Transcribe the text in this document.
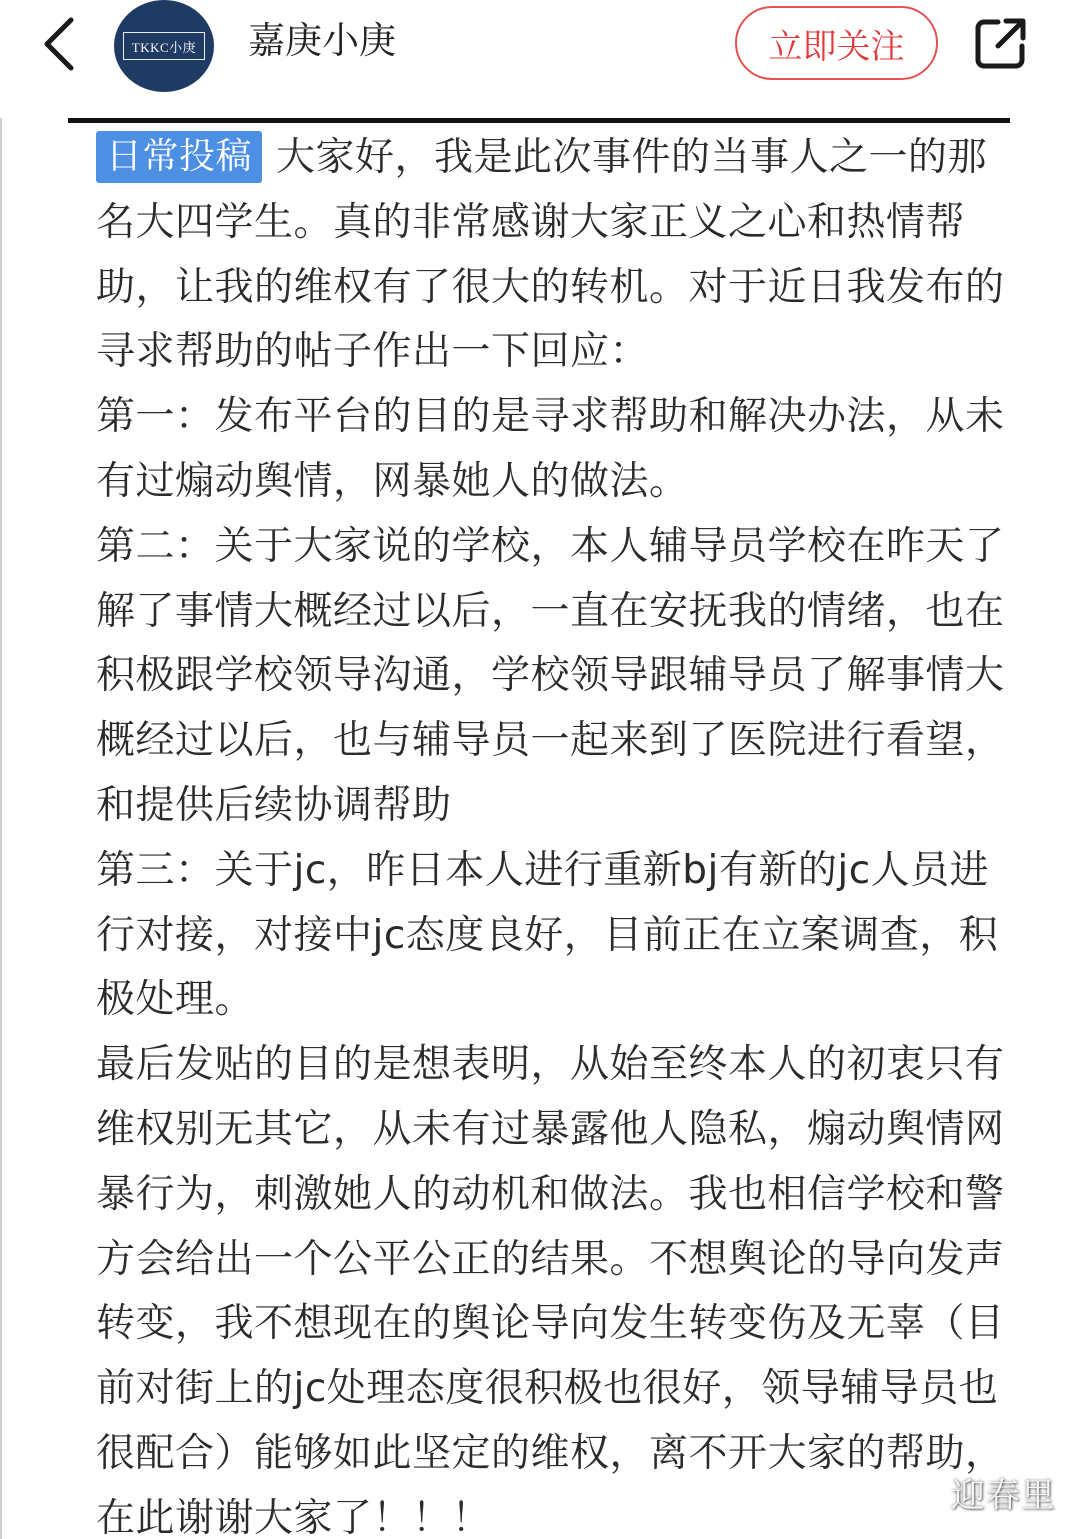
TKKC小庚 嘉庚小庚	立即关注

日常投稿 大家好，我是此次事件的当事人之一的那名大四学生。真的非常感谢大家正义之心和热情帮助，让我的维权有了很大的转机。对于近日我发布的寻求帮助的帖子作出一下回应：

第一：发布平台的目的是寻求帮助和解决办法，从未有过煽动舆情，网暴她人的做法。

第二：关于大家说的学校，本人辅导员学校在昨天了解了事情大概经过以后，一直在安抚我的情绪，也在积极跟学校领导沟通，学校领导跟辅导员了解事情大概经过以后，也与辅导员一起来到了医院进行看望，和提供后续协调帮助

第三：关于jc，昨日本人进行重新bj有新的jc人员进行对接，对接中jc态度良好，目前正在立案调查，积极处理。

最后发贴的目的是想表明，从始至终本人的初衷只有维权别无其它，从未有过暴露他人隐私，煽动舆情网暴行为，刺激她人的动机和做法。我也相信学校和警方会给出一个公平公正的结果。不想舆论的导向发声转变，我不想现在的舆论导向发生转变伤及无辜（目前对街上的jc处理态度很积极也很好，领导辅导员也很配合）能够如此坚定的维权，离不开大家的帮助，在此谢谢大家了！！！	迎春里
